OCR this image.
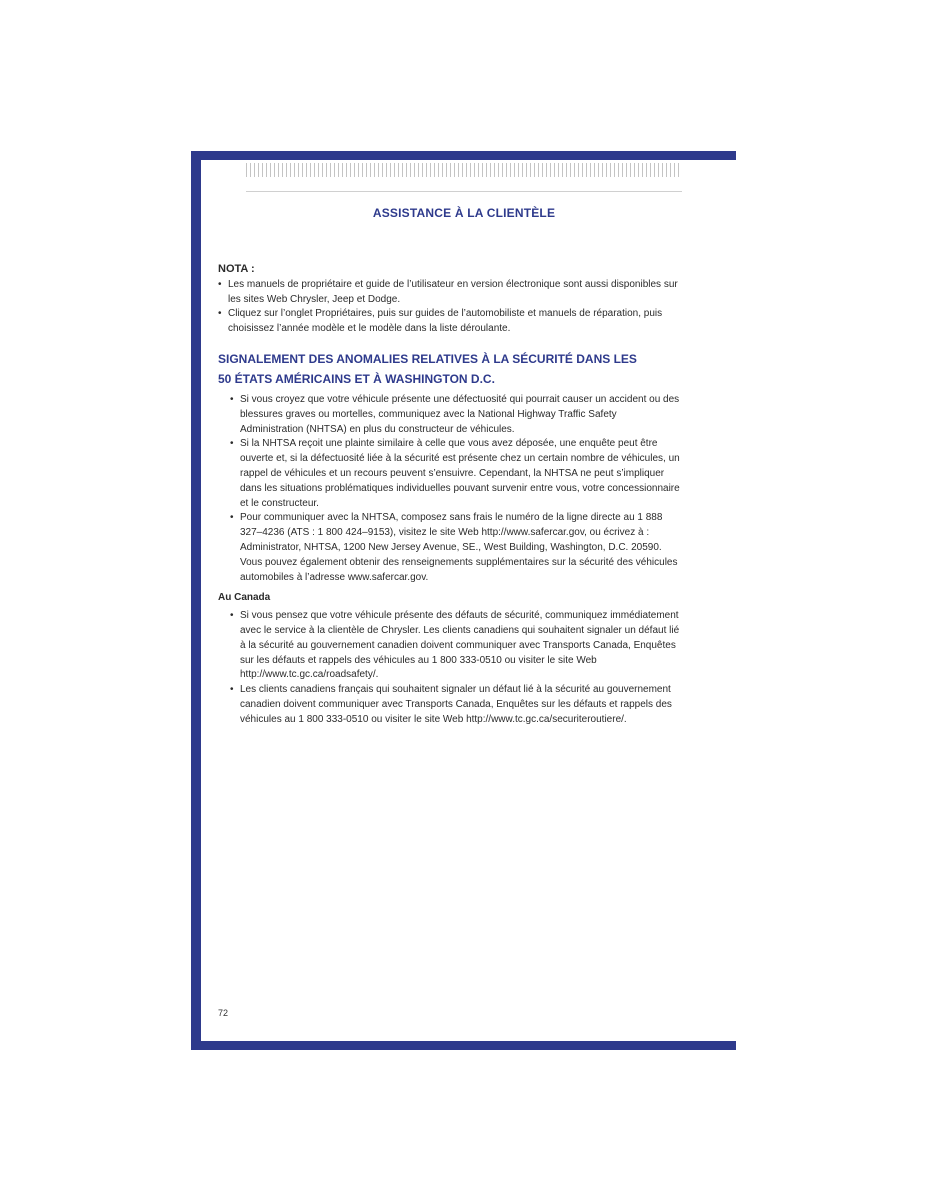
ASSISTANCE À LA CLIENTÈLE
NOTA :
• Les manuels de propriétaire et guide de l’utilisateur en version électronique sont aussi disponibles sur les sites Web Chrysler, Jeep et Dodge.
• Cliquez sur l’onglet Propriétaires, puis sur guides de l’automobiliste et manuels de réparation, puis choisissez l’année modèle et le modèle dans la liste déroulante.
SIGNALEMENT DES ANOMALIES RELATIVES À LA SÉCURITÉ DANS LES
50 ÉTATS AMÉRICAINS ET À WASHINGTON D.C.
• Si vous croyez que votre véhicule présente une défectuosité qui pourrait causer un accident ou des blessures graves ou mortelles, communiquez avec la National Highway Traffic Safety Administration (NHTSA) en plus du constructeur de véhicules.
• Si la NHTSA reçoit une plainte similaire à celle que vous avez déposée, une enquête peut être ouverte et, si la défectuosité liée à la sécurité est présente chez un certain nombre de véhicules, un rappel de véhicules et un recours peuvent s’ensuivre. Cependant, la NHTSA ne peut s’impliquer dans les situations problématiques individuelles pouvant survenir entre vous, votre concessionnaire et le constructeur.
• Pour communiquer avec la NHTSA, composez sans frais le numéro de la ligne directe au 1 888 327–4236 (ATS : 1 800 424–9153), visitez le site Web http://www.safercar.gov, ou écrivez à : Administrator, NHTSA, 1200 New Jersey Avenue, SE., West Building, Washington, D.C. 20590. Vous pouvez également obtenir des renseignements supplémentaires sur la sécurité des véhicules automobiles à l’adresse www.safercar.gov.
Au Canada
• Si vous pensez que votre véhicule présente des défauts de sécurité, communiquez immédiatement avec le service à la clientèle de Chrysler. Les clients canadiens qui souhaitent signaler un défaut lié à la sécurité au gouvernement canadien doivent communiquer avec Transports Canada, Enquêtes sur les défauts et rappels des véhicules au 1 800 333-0510 ou visiter le site Web http://www.tc.gc.ca/roadsafety/.
• Les clients canadiens français qui souhaitent signaler un défaut lié à la sécurité au gouvernement canadien doivent communiquer avec Transports Canada, Enquêtes sur les défauts et rappels des véhicules au 1 800 333-0510 ou visiter le site Web http://www.tc.gc.ca/securiteroutiere/.
72
